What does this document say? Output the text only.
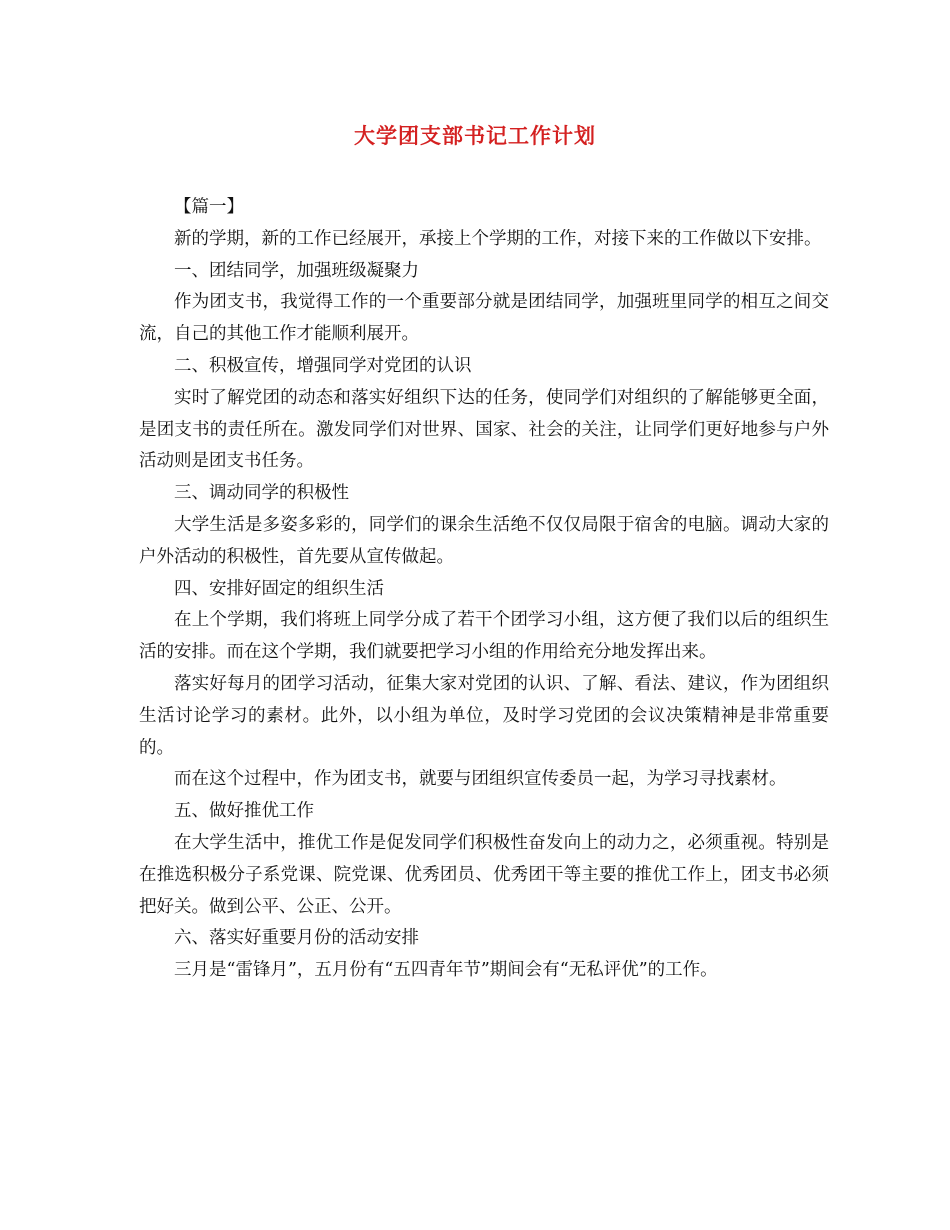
大学团支部书记工作计划

【篇一】

新的学期，新的工作已经展开，承接上个学期的工作，对接下来的工作做以下安排。

一、团结同学，加强班级凝聚力

作为团支书，我觉得工作的一个重要部分就是团结同学，加强班里同学的相互之间交流，自己的其他工作才能顺利展开。

二、积极宣传，增强同学对党团的认识

实时了解党团的动态和落实好组织下达的任务，使同学们对组织的了解能够更全面，是团支书的责任所在。激发同学们对世界、国家、社会的关注，让同学们更好地参与户外活动则是团支书任务。

三、调动同学的积极性

大学生活是多姿多彩的，同学们的课余生活绝不仅仅局限于宿舍的电脑。调动大家的户外活动的积极性，首先要从宣传做起。

四、安排好固定的组织生活

在上个学期，我们将班上同学分成了若干个团学习小组，这方便了我们以后的组织生活的安排。而在这个学期，我们就要把学习小组的作用给充分地发挥出来。

落实好每月的团学习活动，征集大家对党团的认识、了解、看法、建议，作为团组织生活讨论学习的素材。此外，以小组为单位，及时学习党团的会议决策精神是非常重要的。

而在这个过程中，作为团支书，就要与团组织宣传委员一起，为学习寻找素材。

五、做好推优工作

在大学生活中，推优工作是促发同学们积极性奋发向上的动力之，必须重视。特别是在推选积极分子系党课、院党课、优秀团员、优秀团干等主要的推优工作上，团支书必须把好关。做到公平、公正、公开。

六、落实好重要月份的活动安排

三月是“雷锋月”，五月份有“五四青年节”期间会有“无私评优”的工作。
